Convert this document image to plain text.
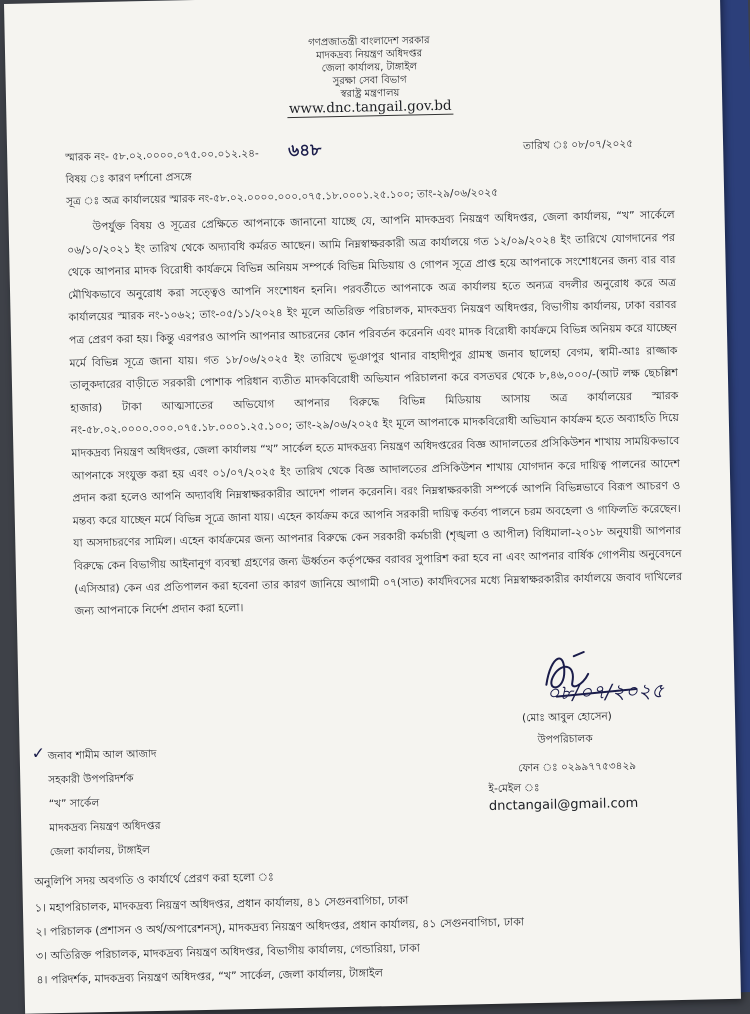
গণপ্রজাতন্ত্রী বাংলাদেশ সরকার
মাদকদ্রব্য নিয়ন্ত্রণ অধিদপ্তর
জেলা কার্যালয়, টাঙ্গাইল
সুরক্ষা সেবা বিভাগ
স্বরাষ্ট্র মন্ত্রণালয়
www.dnc.tangail.gov.bd
স্মারক নং- ৫৮.০২.০০০০.০৭৫.০০.০১২.২৪- ৬৪৮	তারিখ ঃ ০৮/০৭/২০২৫
বিষয় ঃ কারণ দর্শানো প্রসঙ্গে
সূত্র ঃ অত্র কার্যালয়ের স্মারক নং-৫৮.০২.০০০০.০০০.০৭৫.১৮.০০০১.২৫.১০০; তাং-২৯/০৬/২০২৫
উপর্যুক্ত বিষয় ও সূত্রের প্রেক্ষিতে আপনাকে জানানো যাচ্ছে যে, আপনি মাদকদ্রব্য নিয়ন্ত্রণ অধিদপ্তর, জেলা কার্যালয়, “খ” সার্কেলে ০৬/১০/২০২১ ইং তারিখ থেকে অদ্যাবধি কর্মরত আছেন। আমি নিম্নস্বাক্ষরকারী অত্র কার্যালয়ে গত ১২/০৯/২০২৪ ইং তারিখে যোগদানের পর থেকে আপনার মাদক বিরোধী কার্যক্রমে বিভিন্ন অনিয়ম সম্পর্কে বিভিন্ন মিডিয়ায় ও গোপন সূত্রে প্রাপ্ত হয়ে আপনাকে সংশোধনের জন্য বার বার মৌখিকভাবে অনুরোধ করা সত্ত্বেও আপনি সংশোধন হননি। পরবর্তীতে আপনাকে অত্র কার্যালয় হতে অন্যত্র বদলীর অনুরোধ করে অত্র কার্যালয়ের স্মারক নং-১০৬২; তাং-০৫/১১/২০২৪ ইং মূলে অতিরিক্ত পরিচালক, মাদকদ্রব্য নিয়ন্ত্রণ অধিদপ্তর, বিভাগীয় কার্যালয়, ঢাকা বরাবর পত্র প্রেরণ করা হয়। কিন্তু এরপরও আপনি আপনার আচরনের কোন পরিবর্তন করেননি এবং মাদক বিরোধী কার্যক্রমে বিভিন্ন অনিয়ম করে যাচ্ছেন মর্মে বিভিন্ন সূত্রে জানা যায়। গত ১৮/০৬/২০২৫ ইং তারিখে ভূঞাপুর থানার বাহাদীপুর গ্রামস্থ জনাব ছালেহা বেগম, স্বামী-আঃ রাজ্জাক তালুকদারের বাড়ীতে সরকারী পোশাক পরিধান ব্যতীত মাদকবিরোধী অভিযান পরিচালনা করে বসতঘর থেকে ৮,৪৬,০০০/-(আট লক্ষ ছেচল্লিশ হাজার) টাকা আত্মসাতের অভিযোগ আপনার বিরুদ্ধে বিভিন্ন মিডিয়ায় আসায় অত্র কার্যালয়ের স্মারক নং-৫৮.০২.০০০০.০০০.০৭৫.১৮.০০০১.২৫.১০০; তাং-২৯/০৬/২০২৫ ইং মূলে আপনাকে মাদকবিরোধী অভিযান কার্যক্রম হতে অব্যাহতি দিয়ে মাদকদ্রব্য নিয়ন্ত্রণ অধিদপ্তর, জেলা কার্যালয় “খ” সার্কেল হতে মাদকদ্রব্য নিয়ন্ত্রণ অধিদপ্তরের বিজ্ঞ আদালতের প্রসিকিউশন শাখায় সাময়িকভাবে আপনাকে সংযুক্ত করা হয় এবং ০১/০৭/২০২৫ ইং তারিখ থেকে বিজ্ঞ আদালতের প্রসিকিউশন শাখায় যোগদান করে দায়িত্ব পালনের আদেশ প্রদান করা হলেও আপনি অদ্যাবধি নিম্নস্বাক্ষরকারীর আদেশ পালন করেননি। বরং নিম্নস্বাক্ষরকারী সম্পর্কে আপনি বিভিন্নভাবে বিরূপ আচরণ ও মন্তব্য করে যাচ্ছেন মর্মে বিভিন্ন সূত্রে জানা যায়। এহেন কার্যক্রম করে আপনি সরকারী দায়িত্ব কর্তব্য পালনে চরম অবহেলা ও গাফিলতি করেছেন। যা অসদাচরণের সামিল। এহেন কার্যক্রমের জন্য আপনার বিরুদ্ধে কেন সরকারী কর্মচারী (শৃঙ্খলা ও আপীল) বিধিমালা-২০১৮ অনুযায়ী আপনার বিরুদ্ধে কেন বিভাগীয় আইনানুগ ব্যবস্থা গ্রহণের জন্য ঊর্ধ্বতন কর্তৃপক্ষের বরাবর সুপারিশ করা হবে না এবং আপনার বার্ষিক গোপনীয় অনুবেদনে (এসিআর) কেন এর প্রতিপালন করা হবেনা তার কারণ জানিয়ে আগামী ০৭(সাত) কার্যদিবসের মধ্যে নিম্নস্বাক্ষরকারীর কার্যালয়ে জবাব দাখিলের জন্য আপনাকে নির্দেশ প্রদান করা হলো।
০৮/০৭/২০২৫
(মোঃ আবুল হোসেন)
উপপরিচালক
ফোন ঃ ০২৯৯৭৭৫৩৪২৯
ই-মেইল ঃ dnctangail@gmail.com
✓ জনাব শামীম আল আজাদ
সহকারী উপপরিদর্শক
“খ” সার্কেল
মাদকদ্রব্য নিয়ন্ত্রণ অধিদপ্তর
জেলা কার্যালয়, টাঙ্গাইল
অনুলিপি সদয় অবগতি ও কার্যার্থে প্রেরণ করা হলো ঃ
১। মহাপরিচালক, মাদকদ্রব্য নিয়ন্ত্রণ অধিদপ্তর, প্রধান কার্যালয়, ৪১ সেগুনবাগিচা, ঢাকা
২। পরিচালক (প্রশাসন ও অর্থ/অপারেশনস্), মাদকদ্রব্য নিয়ন্ত্রণ অধিদপ্তর, প্রধান কার্যালয়, ৪১ সেগুনবাগিচা, ঢাকা
৩। অতিরিক্ত পরিচালক, মাদকদ্রব্য নিয়ন্ত্রণ অধিদপ্তর, বিভাগীয় কার্যালয়, গেন্ডারিয়া, ঢাকা
৪। পরিদর্শক, মাদকদ্রব্য নিয়ন্ত্রণ অধিদপ্তর, “খ” সার্কেল, জেলা কার্যালয়, টাঙ্গাইল
